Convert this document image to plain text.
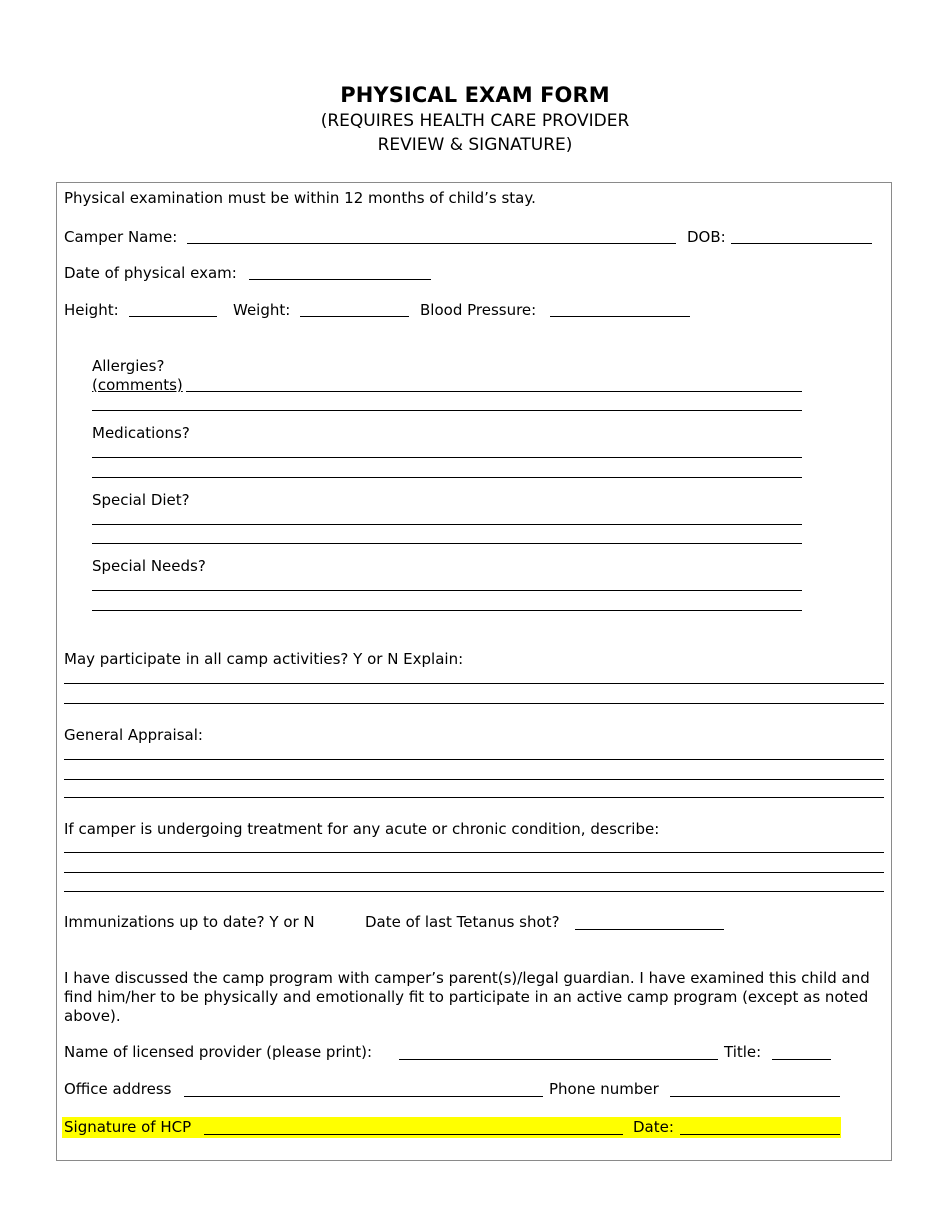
PHYSICAL EXAM FORM
(REQUIRES HEALTH CARE PROVIDER
REVIEW & SIGNATURE)
Physical examination must be within 12 months of child’s stay.
Camper Name:	DOB:
Date of physical exam:
Height:	Weight:	Blood Pressure:
Allergies?
(comments)
Medications?
Special Diet?
Special Needs?
May participate in all camp activities? Y or N Explain:
General Appraisal:
If camper is undergoing treatment for any acute or chronic condition, describe:
Immunizations up to date? Y or N	Date of last Tetanus shot?
I have discussed the camp program with camper’s parent(s)/legal guardian. I have examined this child and find him/her to be physically and emotionally fit to participate in an active camp program (except as noted above).
Name of licensed provider (please print):	Title:
Office address	Phone number
Signature of HCP	Date:
